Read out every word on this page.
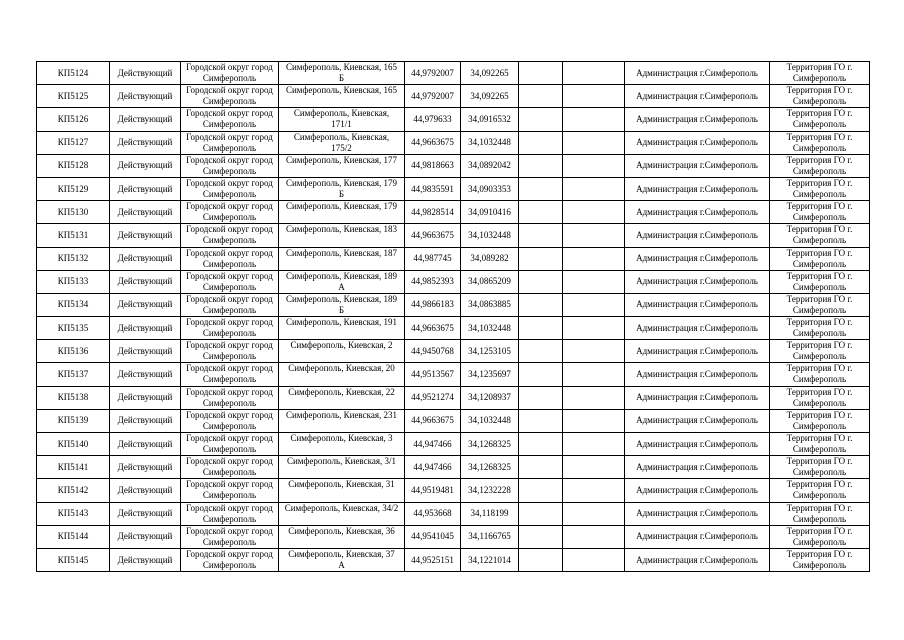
КП5124	Действующий	Городской округ город
Симферополь	Симферополь, Киевская, 165
Б	44,9792007	34,092265			Администрация г.Симферополь	Территория ГО г.
Симферополь

КП5125	Действующий	Городской округ город
Симферополь	Симферополь, Киевская, 165	44,9792007	34,092265			Администрация г.Симферополь	Территория ГО г.
Симферополь

КП5126	Действующий	Городской округ город
Симферополь	Симферополь, Киевская,
171/1	44,979633	34,0916532			Администрация г.Симферополь	Территория ГО г.
Симферополь

КП5127	Действующий	Городской округ город
Симферополь	Симферополь, Киевская,
175/2	44,9663675	34,1032448			Администрация г.Симферополь	Территория ГО г.
Симферополь

КП5128	Действующий	Городской округ город
Симферополь	Симферополь, Киевская, 177	44,9818663	34,0892042			Администрация г.Симферополь	Территория ГО г.
Симферополь

КП5129	Действующий	Городской округ город
Симферополь	Симферополь, Киевская, 179
Б	44,9835591	34,0903353			Администрация г.Симферополь	Территория ГО г.
Симферополь

КП5130	Действующий	Городской округ город
Симферополь	Симферополь, Киевская, 179	44,9828514	34,0910416			Администрация г.Симферополь	Территория ГО г.
Симферополь

КП5131	Действующий	Городской округ город
Симферополь	Симферополь, Киевская, 183	44,9663675	34,1032448			Администрация г.Симферополь	Территория ГО г.
Симферополь

КП5132	Действующий	Городской округ город
Симферополь	Симферополь, Киевская, 187	44,987745	34,089282			Администрация г.Симферополь	Территория ГО г.
Симферополь

КП5133	Действующий	Городской округ город
Симферополь	Симферополь, Киевская, 189
А	44,9852393	34,0865209			Администрация г.Симферополь	Территория ГО г.
Симферополь

КП5134	Действующий	Городской округ город
Симферополь	Симферополь, Киевская, 189
Б	44,9866183	34,0863885			Администрация г.Симферополь	Территория ГО г.
Симферополь

КП5135	Действующий	Городской округ город
Симферополь	Симферополь, Киевская, 191	44,9663675	34,1032448			Администрация г.Симферополь	Территория ГО г.
Симферополь

КП5136	Действующий	Городской округ город
Симферополь	Симферополь, Киевская, 2	44,9450768	34,1253105			Администрация г.Симферополь	Территория ГО г.
Симферополь

КП5137	Действующий	Городской округ город
Симферополь	Симферополь, Киевская, 20	44,9513567	34,1235697			Администрация г.Симферополь	Территория ГО г.
Симферополь

КП5138	Действующий	Городской округ город
Симферополь	Симферополь, Киевская, 22	44,9521274	34,1208937			Администрация г.Симферополь	Территория ГО г.
Симферополь

КП5139	Действующий	Городской округ город
Симферополь	Симферополь, Киевская, 231	44,9663675	34,1032448			Администрация г.Симферополь	Территория ГО г.
Симферополь

КП5140	Действующий	Городской округ город
Симферополь	Симферополь, Киевская, 3	44,947466	34,1268325			Администрация г.Симферополь	Территория ГО г.
Симферополь

КП5141	Действующий	Городской округ город
Симферополь	Симферополь, Киевская, 3/1	44,947466	34,1268325			Администрация г.Симферополь	Территория ГО г.
Симферополь

КП5142	Действующий	Городской округ город
Симферополь	Симферополь, Киевская, 31	44,9519481	34,1232228			Администрация г.Симферополь	Территория ГО г.
Симферополь

КП5143	Действующий	Городской округ город
Симферополь	Симферополь, Киевская, 34/2	44,953668	34,118199			Администрация г.Симферополь	Территория ГО г.
Симферополь

КП5144	Действующий	Городской округ город
Симферополь	Симферополь, Киевская, 36	44,9541045	34,1166765			Администрация г.Симферополь	Территория ГО г.
Симферополь

КП5145	Действующий	Городской округ город
Симферополь	Симферополь, Киевская, 37
А	44,9525151	34,1221014			Администрация г.Симферополь	Территория ГО г.
Симферополь
